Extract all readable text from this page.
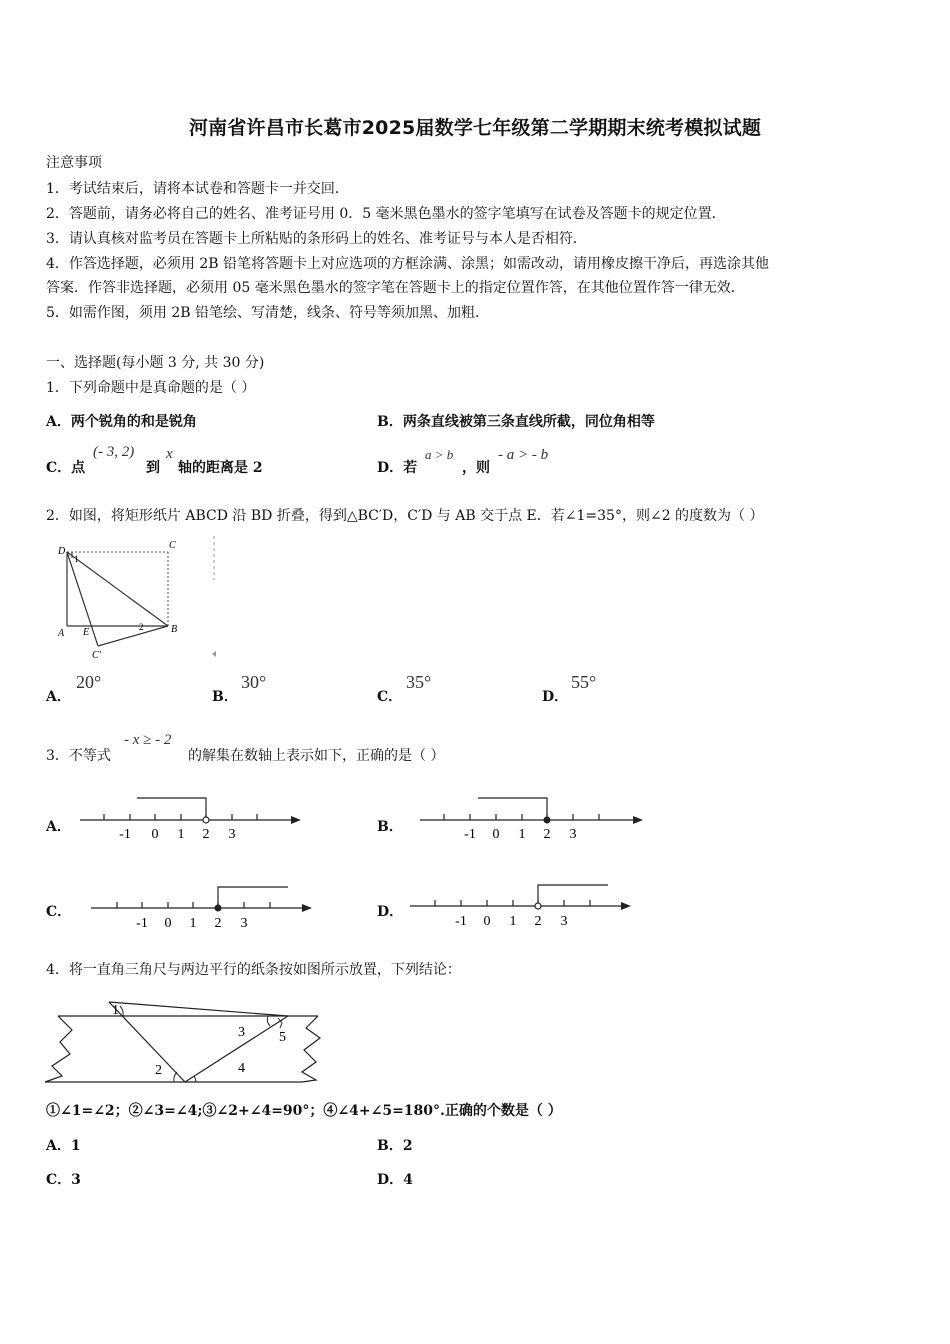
河南省许昌市长葛市2025届数学七年级第二学期期末统考模拟试题
注意事项
1．考试结束后，请将本试卷和答题卡一并交回．
2．答题前，请务必将自己的姓名、准考证号用 0．5 毫米黑色墨水的签字笔填写在试卷及答题卡的规定位置．
3．请认真核对监考员在答题卡上所粘贴的条形码上的姓名、准考证号与本人是否相符．
4．作答选择题，必须用 2B 铅笔将答题卡上对应选项的方框涂满、涂黑；如需改动，请用橡皮擦干净后，再选涂其他
答案．作答非选择题，必须用 05 毫米黑色墨水的签字笔在答题卡上的指定位置作答，在其他位置作答一律无效．
5．如需作图，须用 2B 铅笔绘、写清楚，线条、符号等须加黑、加粗．
一、选择题(每小题 3 分, 共 30 分)
1．下列命题中是真命题的是（ ）
A．两个锐角的和是锐角	B．两条直线被第三条直线所截，同位角相等
C．点
(- 3, 2)
到
x
轴的距离是 2	D．若
a > b
，则
- a > - b
2．如图，将矩形纸片 ABCD 沿 BD 折叠，得到△BC′D，C′D 与 AB 交于点 E．若∠1=35°，则∠2 的度数为（ ）
D
C
A E	B
C'
1
2
A．
20°
B．
30°
C．
35°
D．
55°
3．不等式
- x ≥ - 2
的解集在数轴上表示如下，正确的是（ ）
A．	-1 0 1 2 3	B．	-1 0 1 2 3
C．
-1 0 1 2 3
D．
-1 0 1 2 3
4．将一直角三角尺与两边平行的纸条按如图所示放置，下列结论：
1
2
3
4
5
①∠1=∠2；②∠3=∠4;③∠2+∠4=90°；④∠4+∠5=180°.正确的个数是（ ）
A．1	B．2
C．3	D．4
